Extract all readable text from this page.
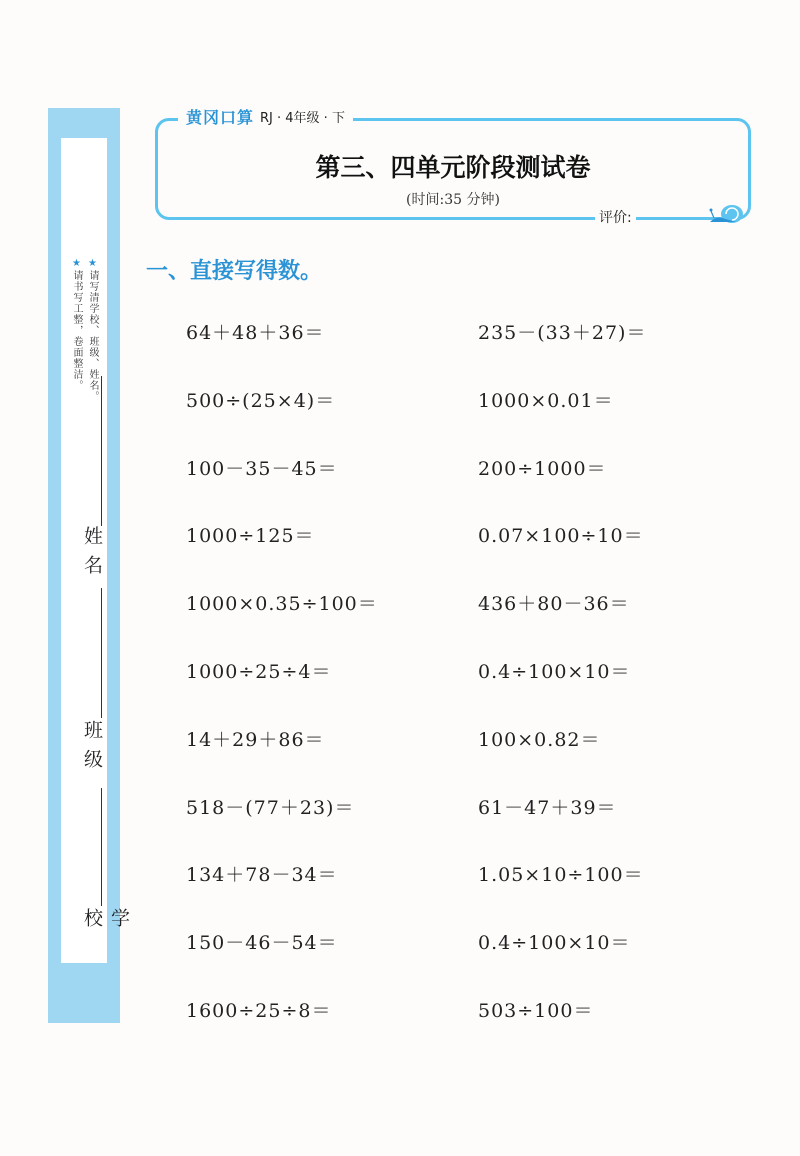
★请写清学校、班级、姓名。
★请书写工整，卷面整洁。
姓名
班级
学校
黄冈口算 RJ · 4年级 · 下
第三、四单元阶段测试卷
(时间:35 分钟)
评价:
一、直接写得数。
64＋48＋36＝
500÷(25×4)＝
100－35－45＝
1000÷125＝
1000×0.35÷100＝
1000÷25÷4＝
14＋29＋86＝
518－(77＋23)＝
134＋78－34＝
150－46－54＝
1600÷25÷8＝
235－(33＋27)＝
1000×0.01＝
200÷1000＝
0.07×100÷10＝
436＋80－36＝
0.4÷100×10＝
100×0.82＝
61－47＋39＝
1.05×10÷100＝
0.4÷100×10＝
503÷100＝
